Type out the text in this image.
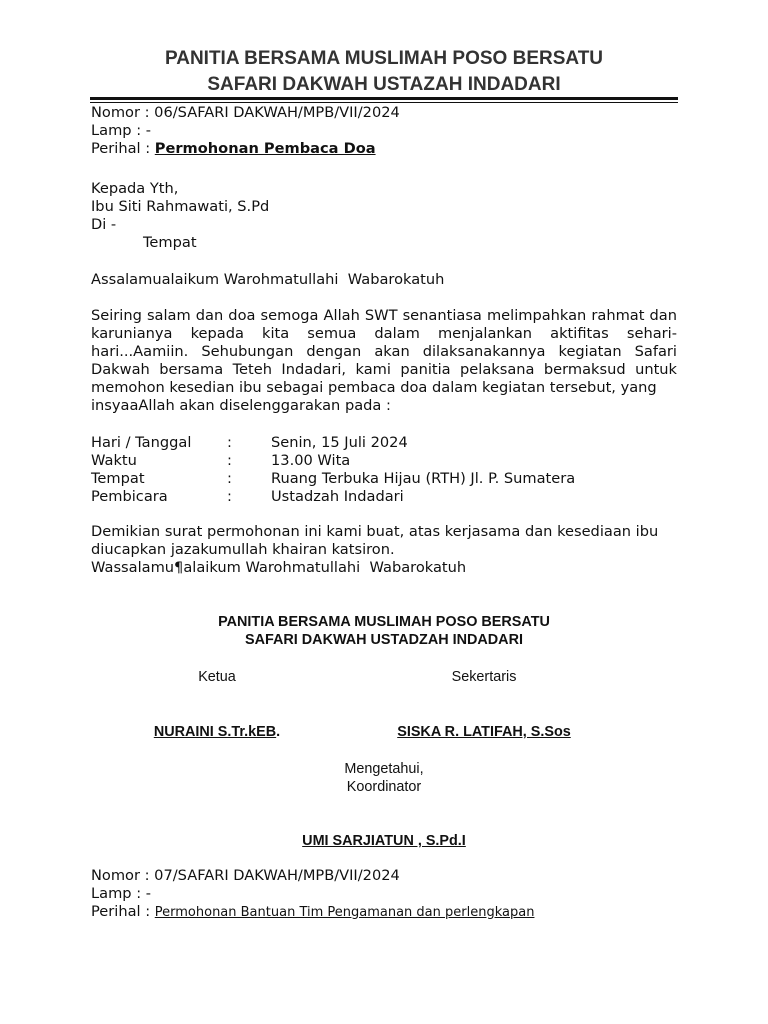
PANITIA BERSAMA MUSLIMAH POSO BERSATU
SAFARI DAKWAH USTAZAH INDADARI
Nomor : 06/SAFARI DAKWAH/MPB/VII/2024
Lamp : -
Perihal : Permohonan Pembaca Doa
Kepada Yth,
Ibu Siti Rahmawati, S.Pd
Di -
Tempat
Assalamualaikum Warohmatullahi  Wabarokatuh
Seiring salam dan doa semoga Allah SWT senantiasa melimpahkan rahmat dan karunianya kepada kita semua dalam menjalankan aktifitas sehari-hari...Aamiin. Sehubungan dengan akan dilaksanakannya kegiatan Safari Dakwah bersama Teteh Indadari, kami panitia pelaksana bermaksud untuk memohon kesedian ibu sebagai pembaca doa dalam kegiatan tersebut, yang
insyaaAllah akan diselenggarakan pada :
Hari / Tanggal :	Senin, 15 Juli 2024
Waktu	:	13.00 Wita
Tempat	:	Ruang Terbuka Hijau (RTH) Jl. P. Sumatera
Pembicara	:	Ustadzah Indadari
Demikian surat permohonan ini kami buat, atas kerjasama dan kesediaan ibu
diucapkan jazakumullah khairan katsiron.
Wassalamu¶alaikum Warohmatullahi  Wabarokatuh
PANITIA BERSAMA MUSLIMAH POSO BERSATU
SAFARI DAKWAH USTADZAH INDADARI
Ketua	Sekertaris
NURAINI S.Tr.kEB.	SISKA R. LATIFAH, S.Sos
Mengetahui,
Koordinator
UMI SARJIATUN , S.Pd.I
Nomor : 07/SAFARI DAKWAH/MPB/VII/2024
Lamp : -
Perihal : Permohonan Bantuan Tim Pengamanan dan perlengkapan
